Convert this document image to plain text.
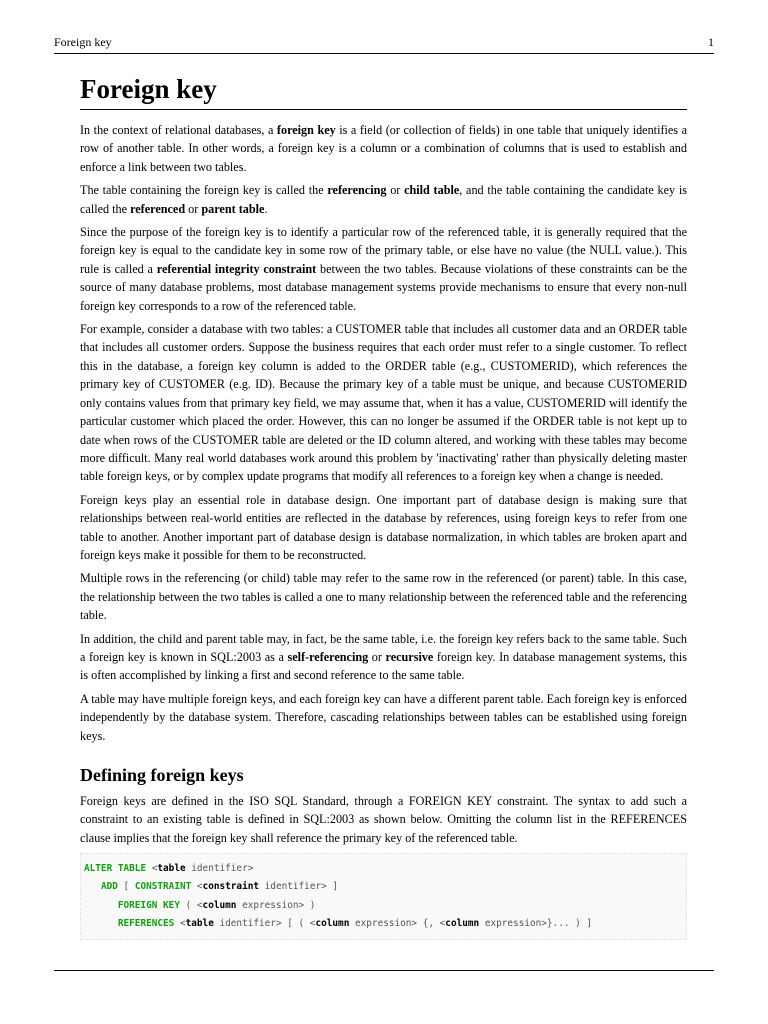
Foreign key	1
Foreign key

In the context of relational databases, a foreign key is a field (or collection of fields) in one table that uniquely identifies a row of another table. In other words, a foreign key is a column or a combination of columns that is used to establish and enforce a link between two tables.

The table containing the foreign key is called the referencing or child table, and the table containing the candidate key is called the referenced or parent table.

Since the purpose of the foreign key is to identify a particular row of the referenced table, it is generally required that the foreign key is equal to the candidate key in some row of the primary table, or else have no value (the NULL value.). This rule is called a referential integrity constraint between the two tables. Because violations of these constraints can be the source of many database problems, most database management systems provide mechanisms to ensure that every non-null foreign key corresponds to a row of the referenced table.

For example, consider a database with two tables: a CUSTOMER table that includes all customer data and an ORDER table that includes all customer orders. Suppose the business requires that each order must refer to a single customer. To reflect this in the database, a foreign key column is added to the ORDER table (e.g., CUSTOMERID), which references the primary key of CUSTOMER (e.g. ID). Because the primary key of a table must be unique, and because CUSTOMERID only contains values from that primary key field, we may assume that, when it has a value, CUSTOMERID will identify the particular customer which placed the order. However, this can no longer be assumed if the ORDER table is not kept up to date when rows of the CUSTOMER table are deleted or the ID column altered, and working with these tables may become more difficult. Many real world databases work around this problem by 'inactivating' rather than physically deleting master table foreign keys, or by complex update programs that modify all references to a foreign key when a change is needed.

Foreign keys play an essential role in database design. One important part of database design is making sure that relationships between real-world entities are reflected in the database by references, using foreign keys to refer from one table to another. Another important part of database design is database normalization, in which tables are broken apart and foreign keys make it possible for them to be reconstructed.

Multiple rows in the referencing (or child) table may refer to the same row in the referenced (or parent) table. In this case, the relationship between the two tables is called a one to many relationship between the referenced table and the referencing table.

In addition, the child and parent table may, in fact, be the same table, i.e. the foreign key refers back to the same table. Such a foreign key is known in SQL:2003 as a self-referencing or recursive foreign key. In database management systems, this is often accomplished by linking a first and second reference to the same table.

A table may have multiple foreign keys, and each foreign key can have a different parent table. Each foreign key is enforced independently by the database system. Therefore, cascading relationships between tables can be established using foreign keys.

Defining foreign keys

Foreign keys are defined in the ISO SQL Standard, through a FOREIGN KEY constraint. The syntax to add such a constraint to an existing table is defined in SQL:2003 as shown below. Omitting the column list in the REFERENCES clause implies that the foreign key shall reference the primary key of the referenced table.

ALTER TABLE <table identifier>
ADD [ CONSTRAINT <constraint identifier> ]
FOREIGN KEY ( <column expression> )
REFERENCES <table identifier> [ ( <column expression> {, <column expression>}... ) ]
